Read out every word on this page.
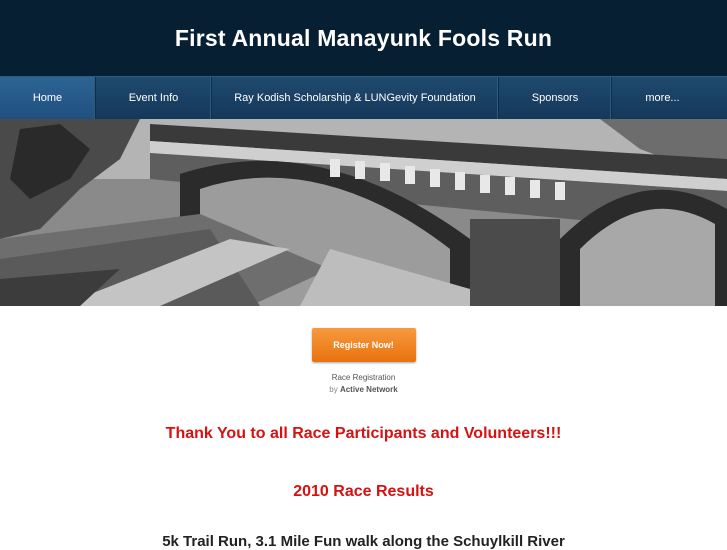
First Annual Manayunk Fools Run
Home	Event Info	Ray Kodish Scholarship & LUNGevity Foundation	Sponsors	more...
Register Now!
Race Registration
by Active Network
Thank You to all Race Participants and Volunteers!!!
2010 Race Results
5k Trail Run, 3.1 Mile Fun walk along the Schuylkill River
